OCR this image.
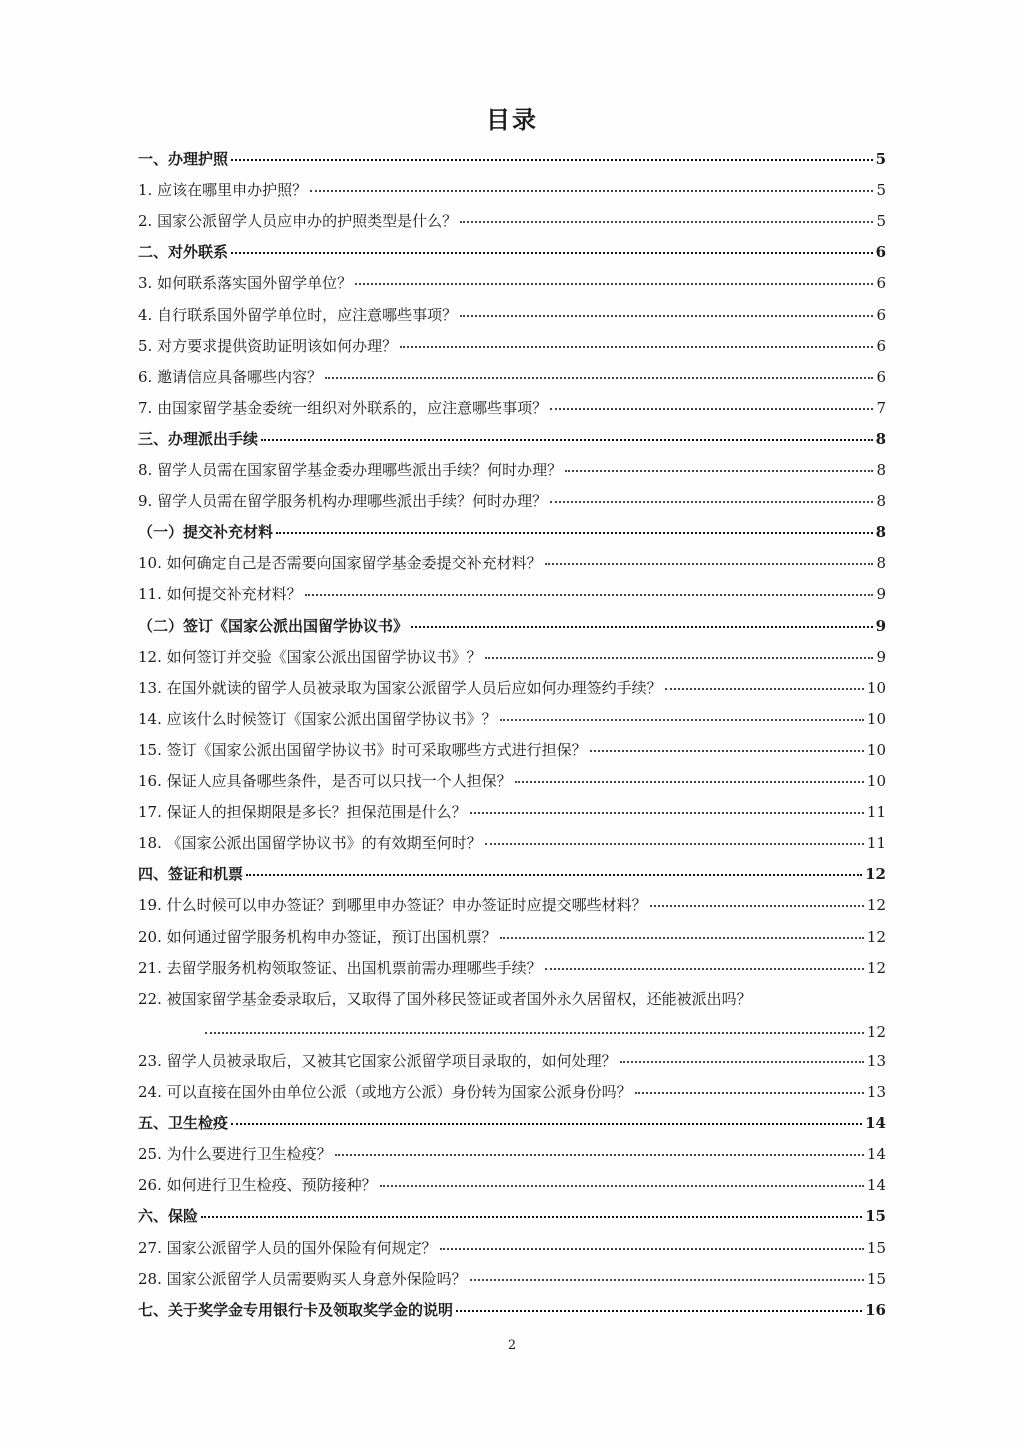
目录
一、办理护照	5
1. 应该在哪里申办护照？	5
2. 国家公派留学人员应申办的护照类型是什么？	5
二、对外联系	6
3. 如何联系落实国外留学单位？	6
4. 自行联系国外留学单位时，应注意哪些事项？	6
5. 对方要求提供资助证明该如何办理？	6
6. 邀请信应具备哪些内容？	6
7. 由国家留学基金委统一组织对外联系的，应注意哪些事项？	7
三、办理派出手续	8
8. 留学人员需在国家留学基金委办理哪些派出手续？何时办理？	8
9. 留学人员需在留学服务机构办理哪些派出手续？何时办理？	8
（一）提交补充材料	8
10. 如何确定自己是否需要向国家留学基金委提交补充材料？	8
11. 如何提交补充材料？	9
（二）签订《国家公派出国留学协议书》	9
12. 如何签订并交验《国家公派出国留学协议书》？	9
13. 在国外就读的留学人员被录取为国家公派留学人员后应如何办理签约手续？	10
14. 应该什么时候签订《国家公派出国留学协议书》？	10
15. 签订《国家公派出国留学协议书》时可采取哪些方式进行担保？	10
16. 保证人应具备哪些条件，是否可以只找一个人担保？	10
17. 保证人的担保期限是多长？担保范围是什么？	11
18. 《国家公派出国留学协议书》的有效期至何时？	11
四、签证和机票	12
19. 什么时候可以申办签证？到哪里申办签证？申办签证时应提交哪些材料？	12
20. 如何通过留学服务机构申办签证，预订出国机票？	12
21. 去留学服务机构领取签证、出国机票前需办理哪些手续？	12
22. 被国家留学基金委录取后，又取得了国外移民签证或者国外永久居留权，还能被派出吗？
12
23. 留学人员被录取后，又被其它国家公派留学项目录取的，如何处理？	13
24. 可以直接在国外由单位公派（或地方公派）身份转为国家公派身份吗？	13
五、卫生检疫	14
25. 为什么要进行卫生检疫？	14
26. 如何进行卫生检疫、预防接种？	14
六、保险	15
27. 国家公派留学人员的国外保险有何规定？	15
28. 国家公派留学人员需要购买人身意外保险吗？	15
七、关于奖学金专用银行卡及领取奖学金的说明	16
2
